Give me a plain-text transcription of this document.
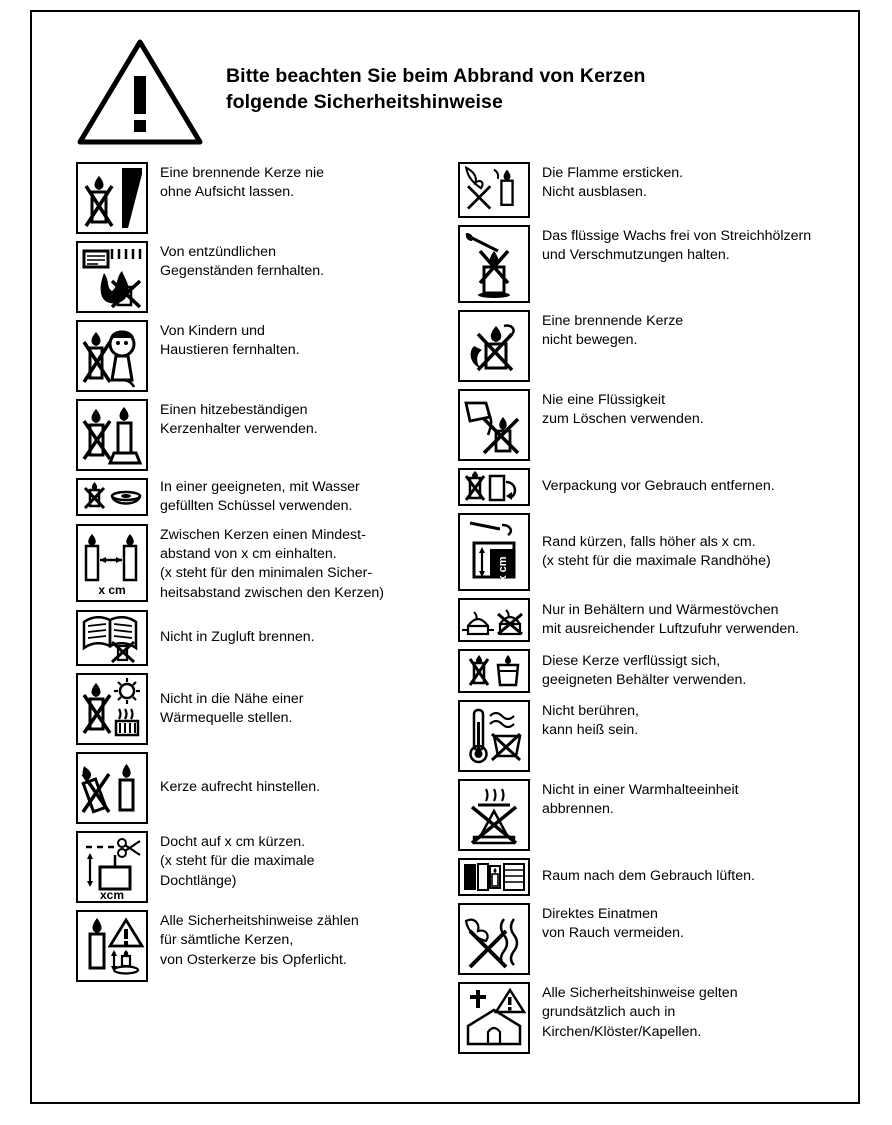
Bitte beachten Sie beim Abbrand von Kerzen
folgende Sicherheitshinweise
Eine brennende Kerze nie
ohne Aufsicht lassen.
Von entzündlichen
Gegenständen fernhalten.
Von Kindern und
Haustieren fernhalten.
Einen hitzebeständigen
Kerzenhalter verwenden.
In einer geeigneten, mit Wasser
gefüllten Schüssel verwenden.
x cm
Zwischen Kerzen einen Mindest-
abstand von x cm einhalten.
(x steht für den minimalen Sicher-
heitsabstand zwischen den Kerzen)
Nicht in Zugluft brennen.
Nicht in die Nähe einer
Wärmequelle stellen.
Kerze aufrecht hinstellen.
xcm
Docht auf x cm kürzen.
(x steht für die maximale
Dochtlänge)
Alle Sicherheitshinweise zählen
für sämtliche Kerzen,
von Osterkerze bis Opferlicht.
Die Flamme ersticken.
Nicht ausblasen.
Das flüssige Wachs frei von Streichhölzern
und Verschmutzungen halten.
Eine brennende Kerze
nicht bewegen.
Nie eine Flüssigkeit
zum Löschen verwenden.
Verpackung vor Gebrauch entfernen.
x cm
Rand kürzen, falls höher als x cm.
(x steht für die maximale Randhöhe)
Nur in Behältern und Wärmestövchen
mit ausreichender Luftzufuhr verwenden.
Diese Kerze verflüssigt sich,
geeigneten Behälter verwenden.
Nicht berühren,
kann heiß sein.
Nicht in einer Warmhalteeinheit
abbrennen.
Raum nach dem Gebrauch lüften.
Direktes Einatmen
von Rauch vermeiden.
Alle Sicherheitshinweise gelten
grundsätzlich auch in
Kirchen/Klöster/Kapellen.
